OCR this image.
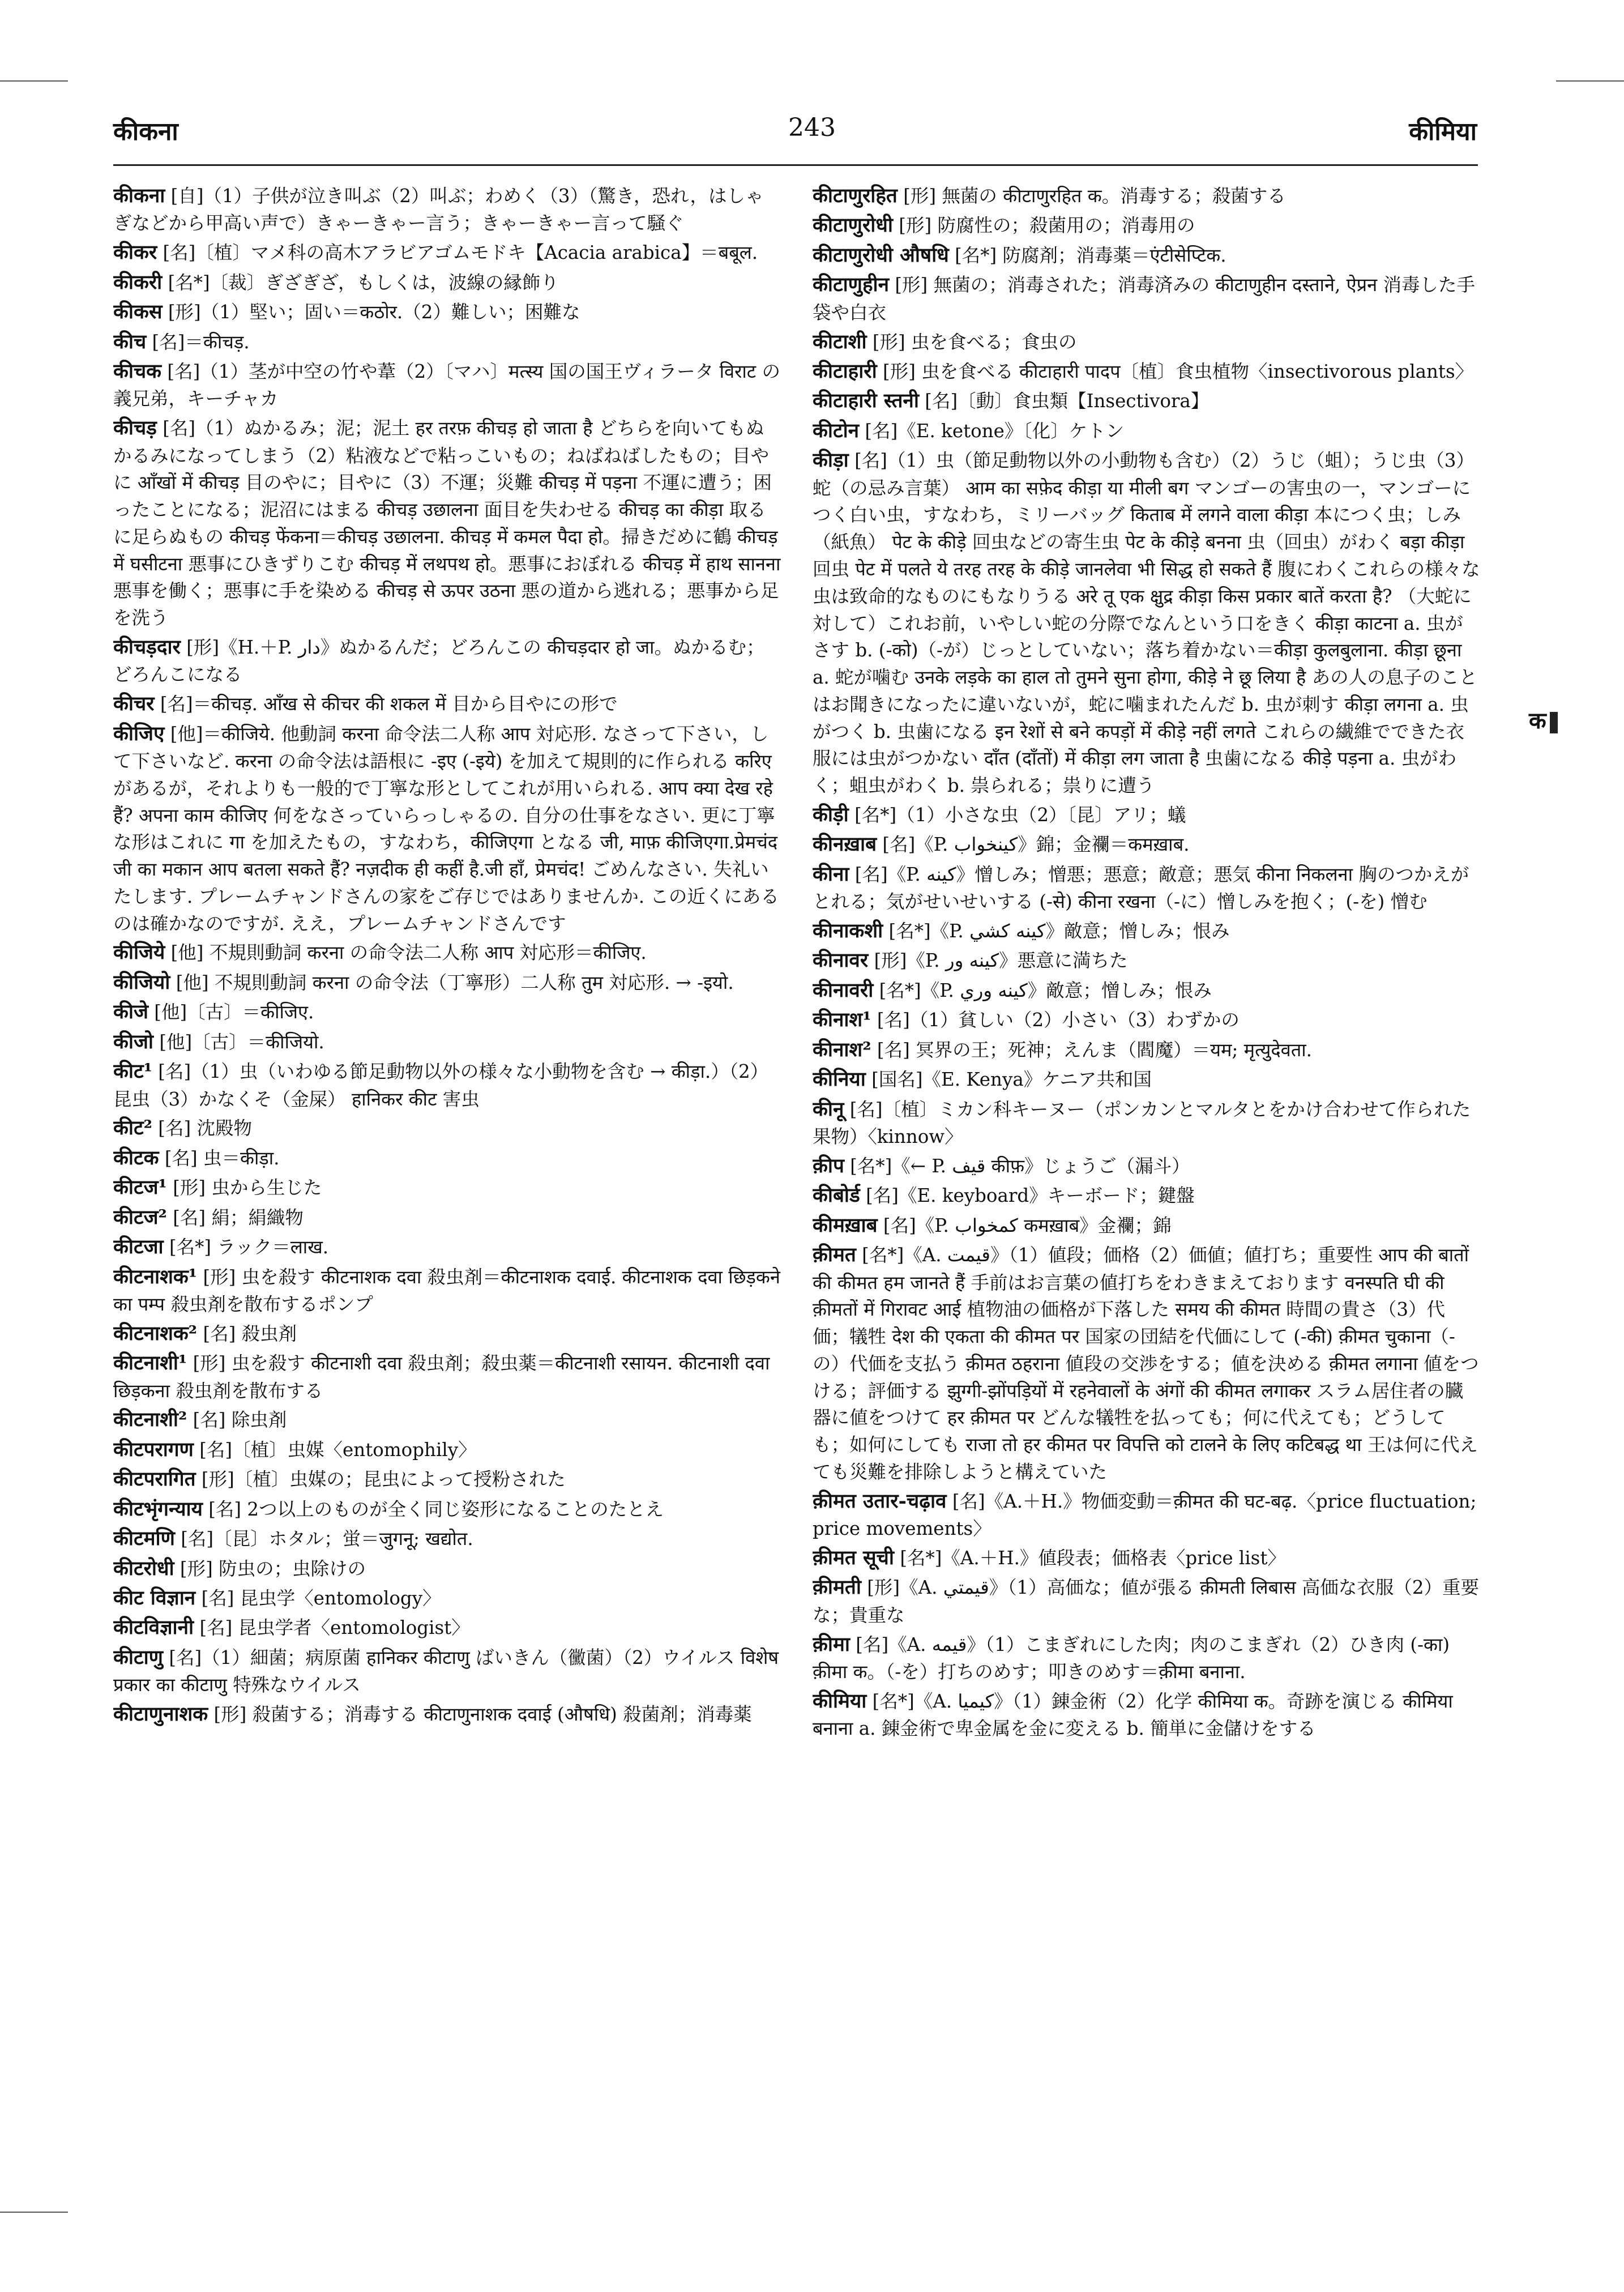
कीकना	243	कीमिया
कीकना [自]（1）子供が泣き叫ぶ（2）叫ぶ；わめく（3）（驚き，恐れ，はしゃぎなどから甲高い声で）きゃーきゃー言う；きゃーきゃー言って騒ぐ
कीकर [名]〔植〕マメ科の高木アラビアゴムモドキ【Acacia arabica】＝बबूल.
कीकरी [名*]〔裁〕ぎざぎざ，もしくは，波線の縁飾り
कीकस [形]（1）堅い；固い＝कठोर.（2）難しい；困難な
कीच [名]＝कीचड़.
कीचक [名]（1）茎が中空の竹や葦（2）〔マハ〕मत्स्य 国の国王ヴィラータ विराट の義兄弟，キーチャカ
कीचड़ [名]（1）ぬかるみ；泥；泥土 हर तरफ़ कीचड़ हो जाता है どちらを向いてもぬかるみになってしまう（2）粘液などで粘っこいもの；ねばねばしたもの；目やに आँखों में कीचड़ 目のやに；目やに（3）不運；災難 कीचड़ में पड़ना 不運に遭う；困ったことになる；泥沼にはまる कीचड़ उछालना 面目を失わせる कीचड़ का कीड़ा 取るに足らぬもの कीचड़ फेंकना＝कीचड़ उछालना. कीचड़ में कमल पैदा हो。掃きだめに鶴 कीचड़ में घसीटना 悪事にひきずりこむ कीचड़ में लथपथ हो。悪事におぼれる कीचड़ में हाथ सानना 悪事を働く；悪事に手を染める कीचड़ से ऊपर उठना 悪の道から逃れる；悪事から足を洗う
कीचड़दार [形]《H.＋P. دار》ぬかるんだ；どろんこの कीचड़दार हो जा。ぬかるむ；どろんこになる
कीचर [名]＝कीचड़. आँख से कीचर की शकल में 目から目やにの形で
कीजिए [他]＝कीजिये. 他動詞 करना 命令法二人称 आप 対応形. なさって下さい，して下さいなど. करना の命令法は語根に -इए (-इये) を加えて規則的に作られる करिए があるが，それよりも一般的で丁寧な形としてこれが用いられる. आप क्या देख रहे हैं? अपना काम कीजिए 何をなさっていらっしゃるの. 自分の仕事をなさい. 更に丁寧な形はこれに गा を加えたもの，すなわち，कीजिएगा となる जी, माफ़ कीजिएगा.प्रेमचंद जी का मकान आप बतला सकते हैं? नज़दीक ही कहीं है.जी हाँ, प्रेमचंद! ごめんなさい. 失礼いたします. プレームチャンドさんの家をご存じではありませんか. この近くにあるのは確かなのですが. ええ，プレームチャンドさんです
कीजिये [他] 不規則動詞 करना の命令法二人称 आप 対応形＝कीजिए.
कीजियो [他] 不規則動詞 करना の命令法（丁寧形）二人称 तुम 対応形. → -इयो.
कीजे [他]〔古〕＝कीजिए.
कीजो [他]〔古〕＝कीजियो.
कीट¹ [名]（1）虫（いわゆる節足動物以外の様々な小動物を含む → कीड़ा.）（2）昆虫（3）かなくそ（金屎） हानिकर कीट 害虫
कीट² [名] 沈殿物
कीटक [名] 虫＝कीड़ा.
कीटज¹ [形] 虫から生じた
कीटज² [名] 絹；絹織物
कीटजा [名*] ラック＝लाख.
कीटनाशक¹ [形] 虫を殺す कीटनाशक दवा 殺虫剤＝कीटनाशक दवाई. कीटनाशक दवा छिड़कने का पम्प 殺虫剤を散布するポンプ
कीटनाशक² [名] 殺虫剤
कीटनाशी¹ [形] 虫を殺す कीटनाशी दवा 殺虫剤；殺虫薬＝कीटनाशी रसायन. कीटनाशी दवा छिड़कना 殺虫剤を散布する
कीटनाशी² [名] 除虫剤
कीटपरागण [名]〔植〕虫媒〈entomophily〉
कीटपरागित [形]〔植〕虫媒の；昆虫によって授粉された
कीटभृंगन्याय [名] 2つ以上のものが全く同じ姿形になることのたとえ
कीटमणि [名]〔昆〕ホタル；蛍＝जुगनू; खद्योत.
कीटरोधी [形] 防虫の；虫除けの
कीट विज्ञान [名] 昆虫学〈entomology〉
कीटविज्ञानी [名] 昆虫学者〈entomologist〉
कीटाणु [名]（1）細菌；病原菌 हानिकर कीटाणु ばいきん（黴菌）（2）ウイルス विशेष प्रकार का कीटाणु 特殊なウイルス
कीटाणुनाशक [形] 殺菌する；消毒する कीटाणुनाशक दवाई (औषधि) 殺菌剤；消毒薬
कीटाणुरहित [形] 無菌の कीटाणुरहित क。消毒する；殺菌する
कीटाणुरोधी [形] 防腐性の；殺菌用の；消毒用の
कीटाणुरोधी औषधि [名*] 防腐剤；消毒薬＝एंटीसेप्टिक.
कीटाणुहीन [形] 無菌の；消毒された；消毒済みの कीटाणुहीन दस्ताने, ऐप्रन 消毒した手袋や白衣
कीटाशी [形] 虫を食べる；食虫の
कीटाहारी [形] 虫を食べる कीटाहारी पादप〔植〕食虫植物〈insectivorous plants〉
कीटाहारी स्तनी [名]〔動〕食虫類【Insectivora】
कीटोन [名]《E. ketone》〔化〕ケトン
कीड़ा [名]（1）虫（節足動物以外の小動物も含む）（2）うじ（蛆）；うじ虫（3）蛇（の忌み言葉） आम का सफ़ेद कीड़ा या मीली बग マンゴーの害虫の一，マンゴーにつく白い虫，すなわち，ミリーバッグ किताब में लगने वाला कीड़ा 本につく虫；しみ（紙魚） पेट के कीड़े 回虫などの寄生虫 पेट के कीड़े बनना 虫（回虫）がわく बड़ा कीड़ा 回虫 पेट में पलते ये तरह तरह के कीड़े जानलेवा भी सिद्ध हो सकते हैं 腹にわくこれらの様々な虫は致命的なものにもなりうる अरे तू एक क्षुद्र कीड़ा किस प्रकार बातें करता है? （大蛇に対して）これお前，いやしい蛇の分際でなんという口をきく कीड़ा काटना a. 虫がさす b. (-को)（-が）じっとしていない；落ち着かない＝कीड़ा कुलबुलाना. कीड़ा छूना a. 蛇が噛む उनके लड़के का हाल तो तुमने सुना होगा, कीड़े ने छू लिया है あの人の息子のことはお聞きになったに違いないが，蛇に噛まれたんだ b. 虫が刺す कीड़ा लगना a. 虫がつく b. 虫歯になる इन रेशों से बने कपड़ों में कीड़े नहीं लगते これらの繊維でできた衣服には虫がつかない दाँत (दाँतों) में कीड़ा लग जाता है 虫歯になる कीड़े पड़ना a. 虫がわく；蛆虫がわく b. 祟られる；祟りに遭う
कीड़ी [名*]（1）小さな虫（2）〔昆〕アリ；蟻
कीनख़ाब [名]《P. كينخواب》錦；金襴＝कमख़ाब.
कीना [名]《P. كينه》憎しみ；憎悪；悪意；敵意；悪気 कीना निकलना 胸のつかえがとれる；気がせいせいする (-से) कीना रखना（-に）憎しみを抱く；(-を) 憎む
कीनाकशी [名*]《P. كينه كشي》敵意；憎しみ；恨み
कीनावर [形]《P. كينه ور》悪意に満ちた
कीनावरी [名*]《P. كينه وري》敵意；憎しみ；恨み
कीनाश¹ [名]（1）貧しい（2）小さい（3）わずかの
कीनाश² [名] 冥界の王；死神；えんま（閻魔）＝यम; मृत्युदेवता.
कीनिया [国名]《E. Kenya》ケニア共和国
कीनू [名]〔植〕ミカン科キーヌー（ポンカンとマルタとをかけ合わせて作られた果物）〈kinnow〉
क़ीप [名*]《← P. قيف कीफ़》じょうご（漏斗）
कीबोर्ड [名]《E. keyboard》キーボード；鍵盤
कीमख़ाब [名]《P. كمخواب कमख़ाब》金襴；錦
क़ीमत [名*]《A. قيمت》（1）値段；価格（2）価値；値打ち；重要性 आप की बातों की कीमत हम जानते हैं 手前はお言葉の値打ちをわきまえております वनस्पति घी की क़ीमतों में गिरावट आई 植物油の価格が下落した समय की कीमत 時間の貴さ（3）代価；犠牲 देश की एकता की कीमत पर 国家の団結を代価にして (-की) क़ीमत चुकाना（-の）代価を支払う क़ीमत ठहराना 値段の交渉をする；値を決める क़ीमत लगाना 値をつける；評価する झुग्गी-झोंपड़ियों में रहनेवालों के अंगों की कीमत लगाकर スラム居住者の臓器に値をつけて हर क़ीमत पर どんな犠牲を払っても；何に代えても；どうしても；如何にしても राजा तो हर कीमत पर विपत्ति को टालने के लिए कटिबद्ध था 王は何に代えても災難を排除しようと構えていた
क़ीमत उतार-चढ़ाव [名]《A.＋H.》物価変動＝क़ीमत की घट-बढ़.〈price fluctuation; price movements〉
क़ीमत सूची [名*]《A.＋H.》値段表；価格表〈price list〉
क़ीमती [形]《A. قيمتي》（1）高価な；値が張る क़ीमती लिबास 高価な衣服（2）重要な；貴重な
क़ीमा [名]《A. قيمه》（1）こまぎれにした肉；肉のこまぎれ（2）ひき肉 (-का) क़ीमा क。（-を）打ちのめす；叩きのめす＝क़ीमा बनाना.
कीमिया [名*]《A. كيميا》（1）錬金術（2）化学 कीमिया क。奇跡を演じる कीमिया बनाना a. 錬金術で卑金属を金に変える b. 簡単に金儲けをする
क
